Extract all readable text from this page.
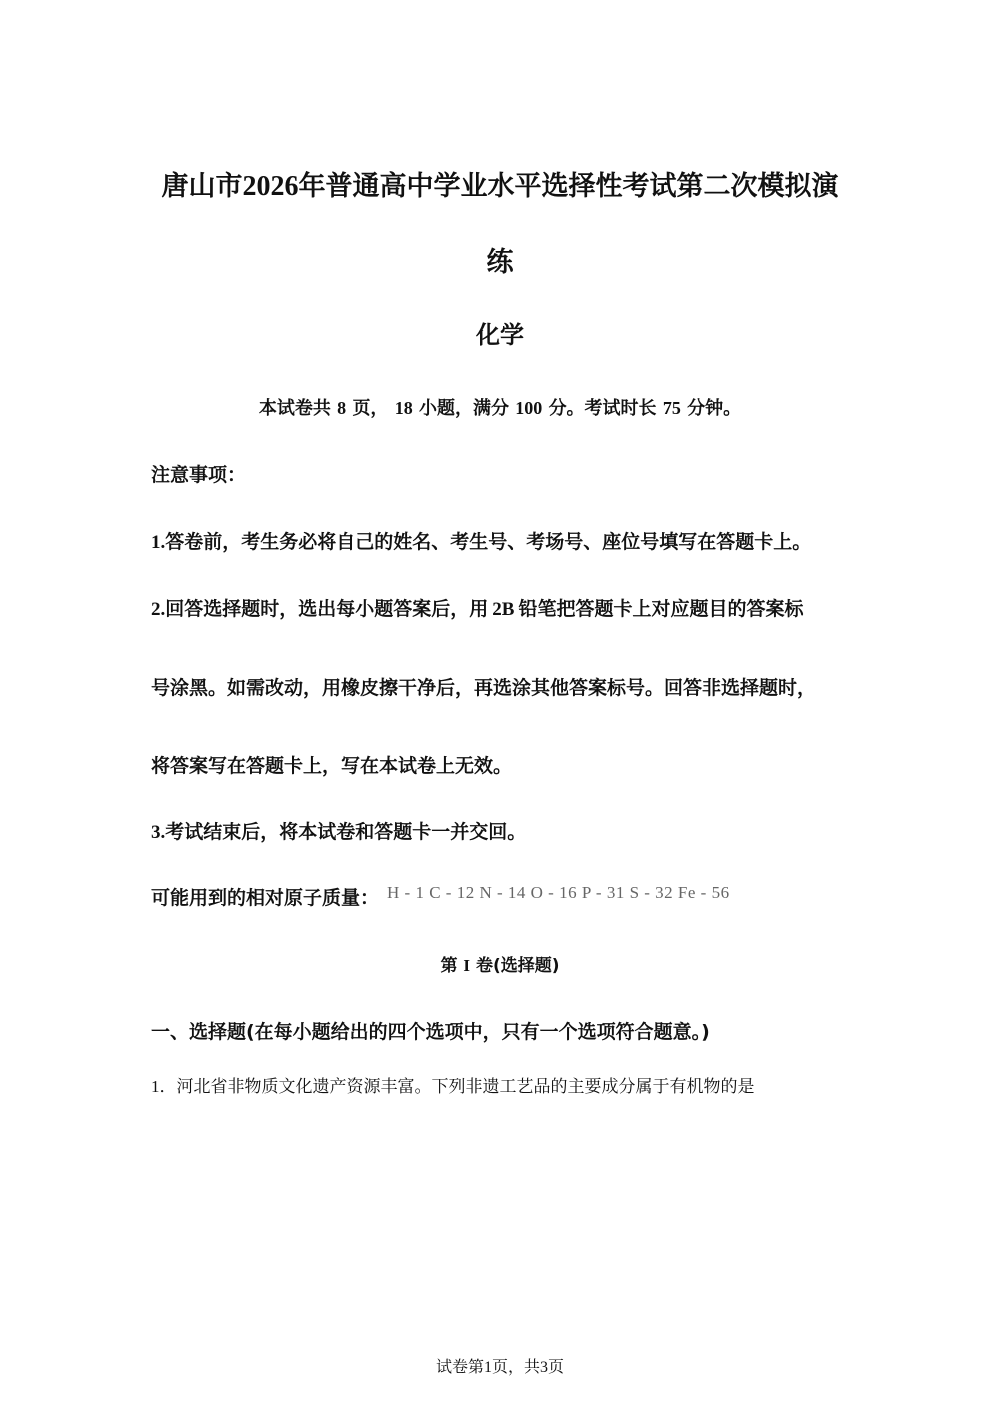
唐山市2026年普通高中学业水平选择性考试第二次模拟演
练
化学
本试卷共 8 页， 18 小题，满分 100 分。考试时长 75 分钟。
注意事项：
1.答卷前，考生务必将自己的姓名、考生号、考场号、座位号填写在答题卡上。
2.回答选择题时，选出每小题答案后，用 2B 铅笔把答题卡上对应题目的答案标
号涂黑。如需改动，用橡皮擦干净后，再选涂其他答案标号。回答非选择题时，
将答案写在答题卡上，写在本试卷上无效。
3.考试结束后，将本试卷和答题卡一并交回。
可能用到的相对原子质量： H - 1 C - 12 N - 14 O - 16 P - 31 S - 32 Fe - 56
第 I 卷(选择题)
一、选择题(在每小题给出的四个选项中，只有一个选项符合题意。)
1．河北省非物质文化遗产资源丰富。下列非遗工艺品的主要成分属于有机物的是
试卷第1页，共3页
